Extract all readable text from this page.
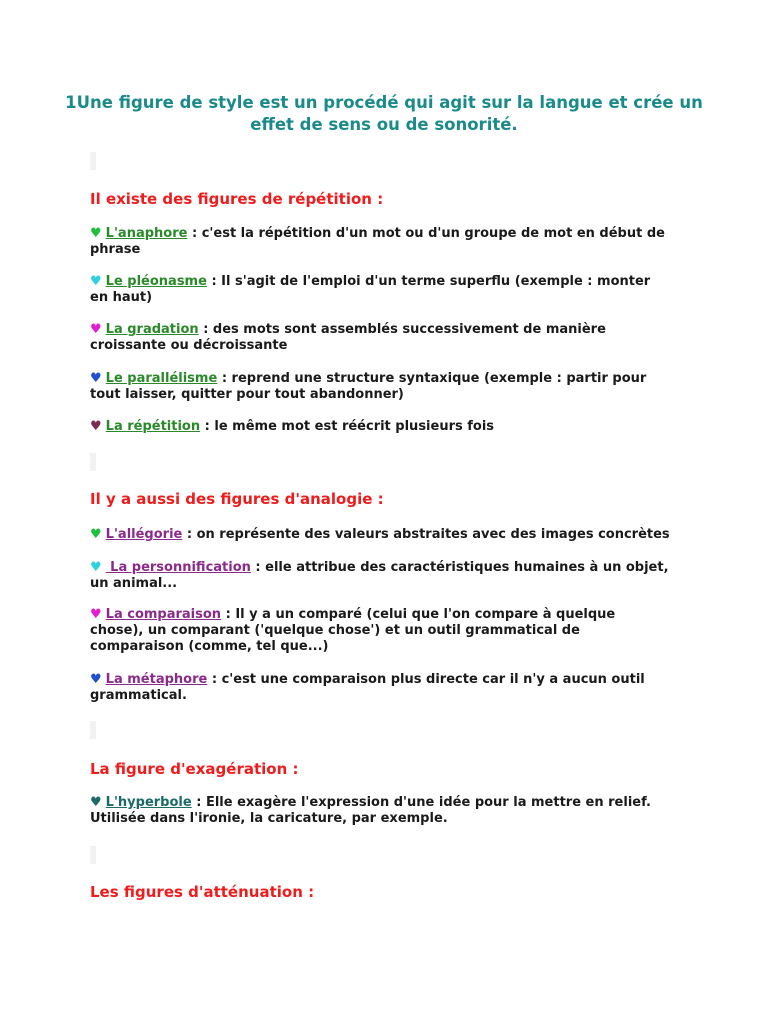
1Une figure de style est un procédé qui agit sur la langue et crée un effet de sens ou de sonorité.
Il existe des figures de répétition :

♥ L'anaphore : c'est la répétition d'un mot ou d'un groupe de mot en début de phrase

♥ Le pléonasme : Il s'agit de l'emploi d'un terme superflu (exemple : monter en haut)

♥ La gradation : des mots sont assemblés successivement de manière croissante ou décroissante

♥ Le parallélisme : reprend une structure syntaxique (exemple : partir pour tout laisser, quitter pour tout abandonner)

♥ La répétition : le même mot est réécrit plusieurs fois

Il y a aussi des figures d'analogie :

♥ L'allégorie : on représente des valeurs abstraites avec des images concrètes

♥ La personnification : elle attribue des caractéristiques humaines à un objet, un animal...

♥ La comparaison : Il y a un comparé (celui que l'on compare à quelque chose), un comparant ('quelque chose') et un outil grammatical de comparaison (comme, tel que...)

♥ La métaphore : c'est une comparaison plus directe car il n'y a aucun outil grammatical.

La figure d'exagération :

♥ L'hyperbole : Elle exagère l'expression d'une idée pour la mettre en relief. Utilisée dans l'ironie, la caricature, par exemple.

Les figures d'atténuation :
